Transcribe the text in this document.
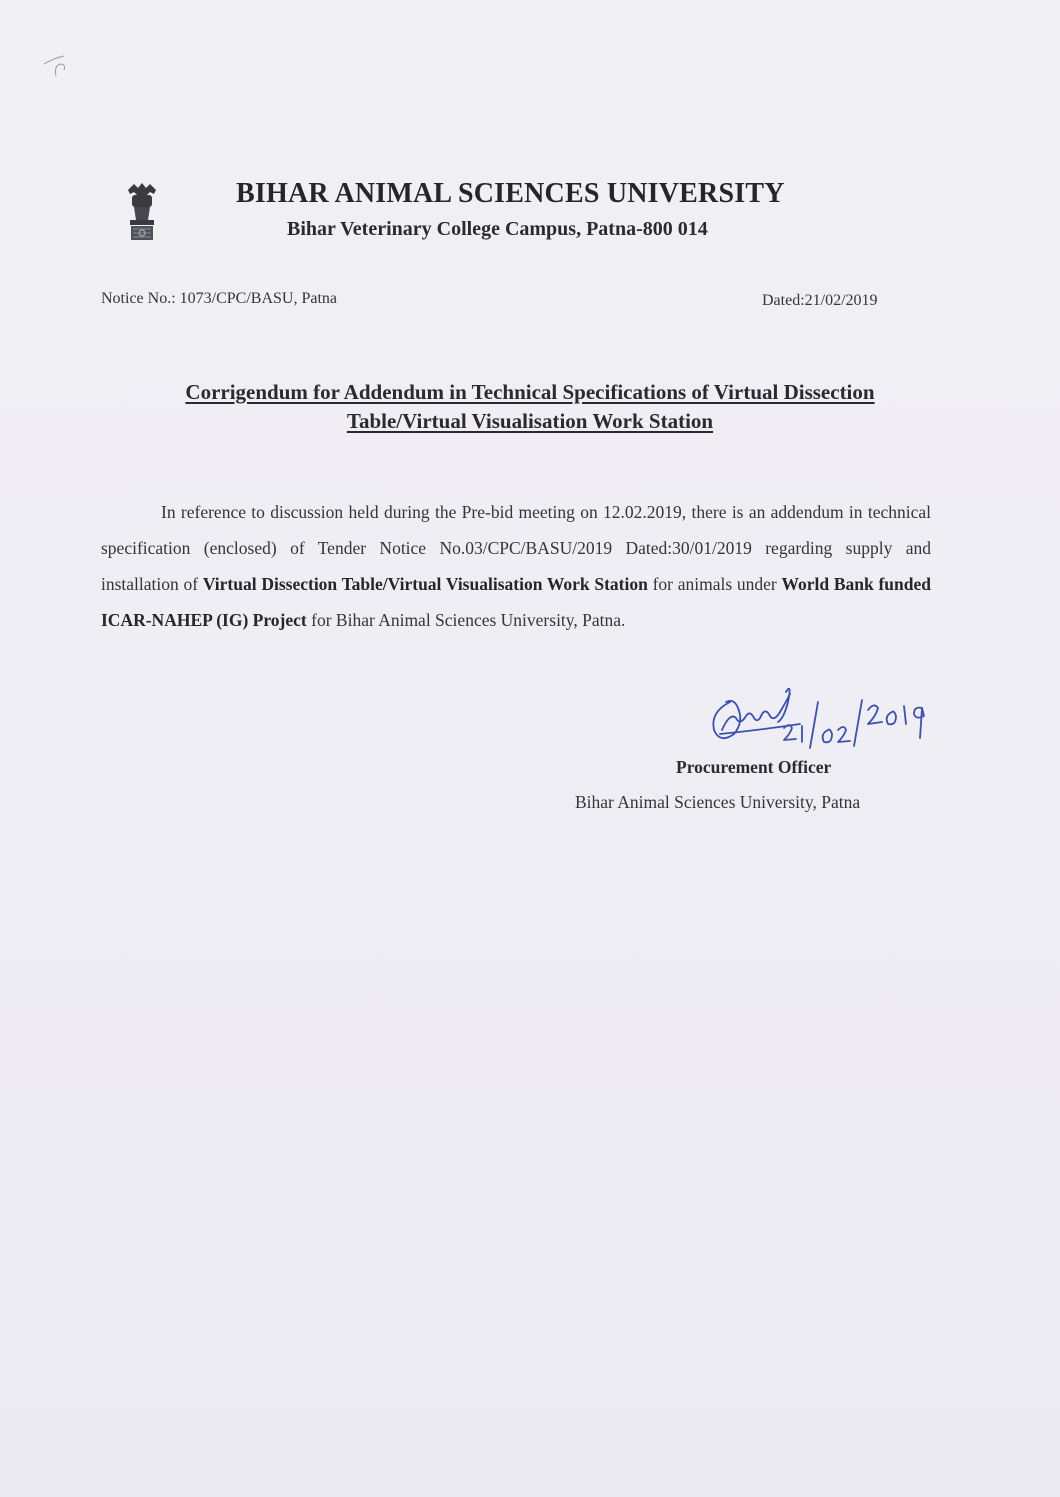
BIHAR ANIMAL SCIENCES UNIVERSITY
Bihar Veterinary College Campus, Patna-800 014
Notice No.: 1073/CPC/BASU, Patna	Dated:21/02/2019
Corrigendum for Addendum in Technical Specifications of Virtual Dissection
Table/Virtual Visualisation Work Station
In reference to discussion held during the Pre-bid meeting on 12.02.2019, there is an addendum in technical specification (enclosed) of Tender Notice No.03/CPC/BASU/2019 Dated:30/01/2019 regarding supply and installation of Virtual Dissection Table/Virtual Visualisation Work Station for animals under World Bank funded ICAR-NAHEP (IG) Project for Bihar Animal Sciences University, Patna.
Procurement Officer
Bihar Animal Sciences University, Patna
